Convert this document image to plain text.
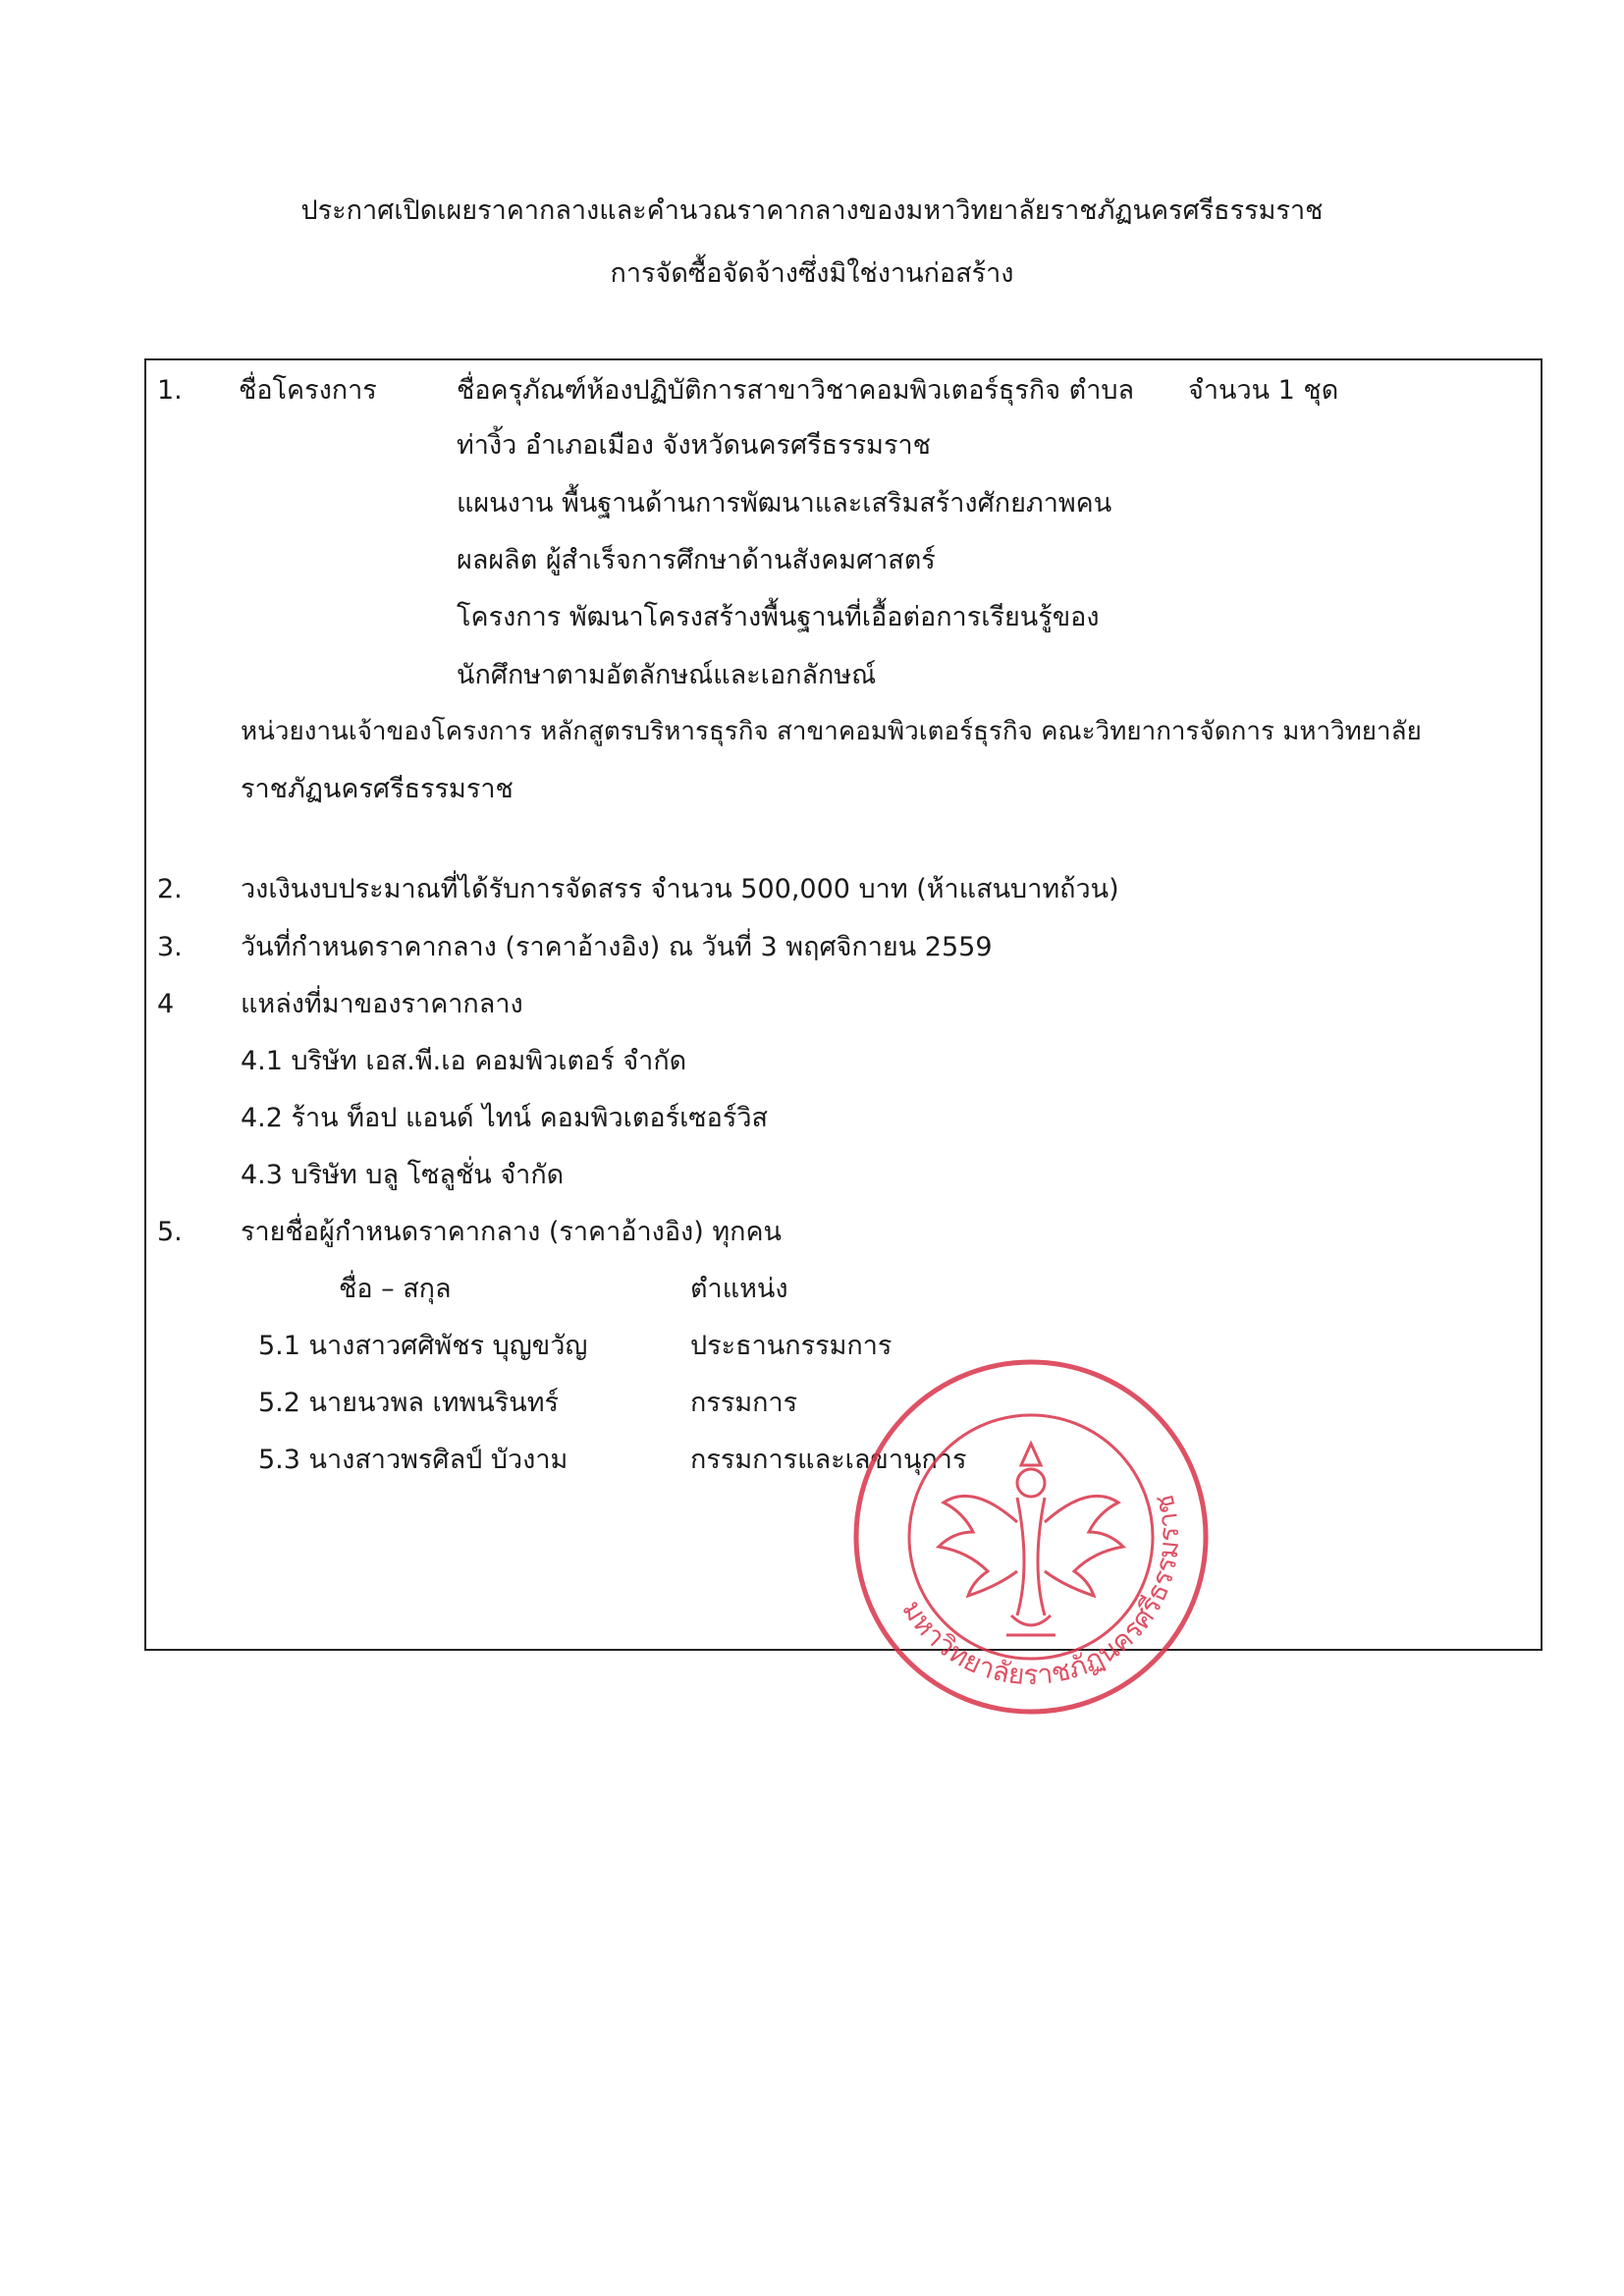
ประกาศเปิดเผยราคากลางและคำนวณราคากลางของมหาวิทยาลัยราชภัฏนครศรีธรรมราช
การจัดซื้อจัดจ้างซึ่งมิใช่งานก่อสร้าง
1. ชื่อโครงการ	ชื่อครุภัณฑ์ห้องปฏิบัติการสาขาวิชาคอมพิวเตอร์ธุรกิจ ตำบล จำนวน 1 ชุด
ท่างิ้ว อำเภอเมือง จังหวัดนครศรีธรรมราช
แผนงาน พื้นฐานด้านการพัฒนาและเสริมสร้างศักยภาพคน
ผลผลิต ผู้สำเร็จการศึกษาด้านสังคมศาสตร์
โครงการ พัฒนาโครงสร้างพื้นฐานที่เอื้อต่อการเรียนรู้ของ
นักศึกษาตามอัตลักษณ์และเอกลักษณ์
หน่วยงานเจ้าของโครงการ หลักสูตรบริหารธุรกิจ สาขาคอมพิวเตอร์ธุรกิจ คณะวิทยาการจัดการ มหาวิทยาลัย
ราชภัฏนครศรีธรรมราช
2. วงเงินงบประมาณที่ได้รับการจัดสรร จำนวน 500,000 บาท (ห้าแสนบาทถ้วน)
3. วันที่กำหนดราคากลาง (ราคาอ้างอิง) ณ วันที่ 3 พฤศจิกายน 2559
4	แหล่งที่มาของราคากลาง
4.1 บริษัท เอส.พี.เอ คอมพิวเตอร์ จำกัด
4.2 ร้าน ท็อป แอนด์ ไทน์ คอมพิวเตอร์เซอร์วิส
4.3 บริษัท บลู โซลูชั่น จำกัด
5. รายชื่อผู้กำหนดราคากลาง (ราคาอ้างอิง) ทุกคน
ชื่อ – สกุล	ตำแหน่ง
5.1 นางสาวศศิพัชร บุญขวัญ	ประธานกรรมการ
5.2 นายนวพล เทพนรินทร์	กรรมการ
5.3 นางสาวพรศิลป์ บัวงาม	กรรมการและเลขานุการ
มหาวิทยาลัยราชภัฏนครศรีธรรมราช
